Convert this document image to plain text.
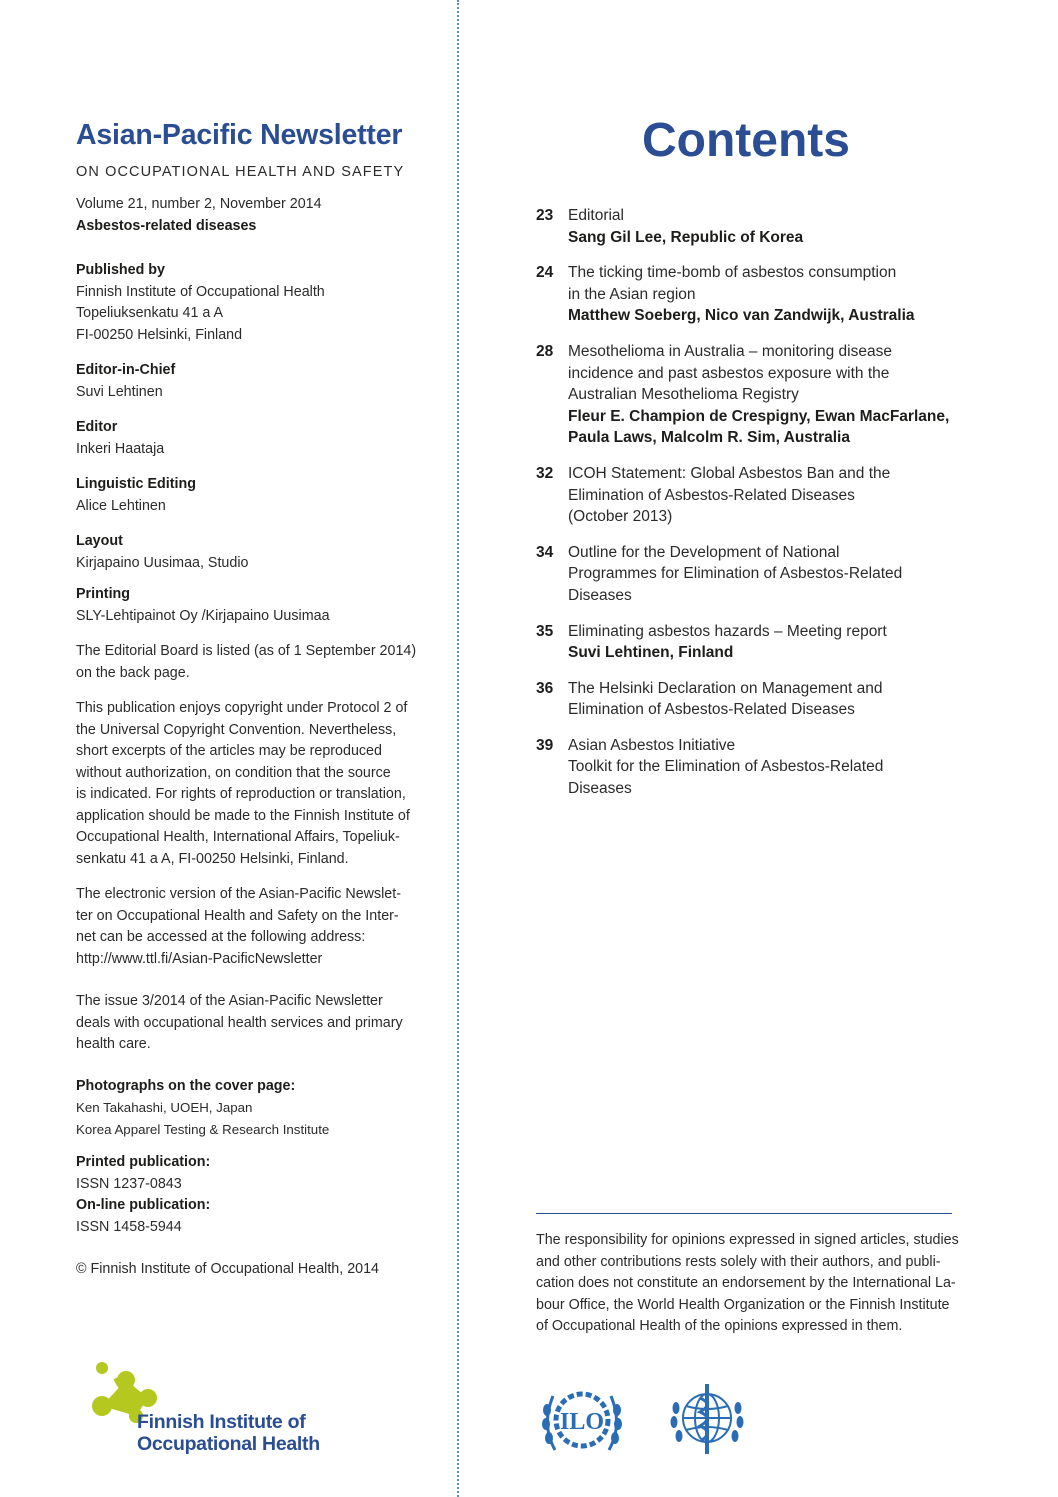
Asian-Pacific Newsletter
ON OCCUPATIONAL HEALTH AND SAFETY
Volume 21, number 2, November 2014
Asbestos-related diseases
Published by
Finnish Institute of Occupational Health
Topeliuksenkatu 41 a A
FI-00250 Helsinki, Finland
Editor-in-Chief
Suvi Lehtinen
Editor
Inkeri Haataja
Linguistic Editing
Alice Lehtinen
Layout
Kirjapaino Uusimaa, Studio
Printing
SLY-Lehtipainot Oy /Kirjapaino Uusimaa
The Editorial Board is listed (as of 1 September 2014)
on the back page.
This publication enjoys copyright under Protocol 2 of
the Universal Copyright Convention. Nevertheless,
short excerpts of the articles may be reproduced
without authorization, on condition that the source
is indicated. For rights of reproduction or translation,
application should be made to the Finnish Institute of
Occupational Health, International Affairs, Topeliuk-
senkatu 41 a A, FI-00250 Helsinki, Finland.
The electronic version of the Asian-Pacific Newslet-
ter on Occupational Health and Safety on the Inter-
net can be accessed at the following address:
http://www.ttl.fi/Asian-PacificNewsletter
The issue 3/2014 of the Asian-Pacific Newsletter
deals with occupational health services and primary
health care.
Photographs on the cover page:
Ken Takahashi, UOEH, Japan
Korea Apparel Testing & Research Institute
Printed publication:
ISSN 1237-0843
On-line publication:
ISSN 1458-5944
© Finnish Institute of Occupational Health, 2014
Contents
23 Editorial
Sang Gil Lee, Republic of Korea
24 The ticking time-bomb of asbestos consumption
in the Asian region
Matthew Soeberg, Nico van Zandwijk, Australia
28 Mesothelioma in Australia – monitoring disease
incidence and past asbestos exposure with the
Australian Mesothelioma Registry
Fleur E. Champion de Crespigny, Ewan MacFarlane,
Paula Laws, Malcolm R. Sim, Australia
32 ICOH Statement: Global Asbestos Ban and the
Elimination of Asbestos-Related Diseases
(October 2013)
34 Outline for the Development of National
Programmes for Elimination of Asbestos-Related
Diseases
35 Eliminating asbestos hazards – Meeting report
Suvi Lehtinen, Finland
36 The Helsinki Declaration on Management and
Elimination of Asbestos-Related Diseases
39 Asian Asbestos Initiative
Toolkit for the Elimination of Asbestos-Related
Diseases
The responsibility for opinions expressed in signed articles, studies
and other contributions rests solely with their authors, and publi-
cation does not constitute an endorsement by the International La-
bour Office, the World Health Organization or the Finnish Institute
of Occupational Health of the opinions expressed in them.
Finnish Institute of
Occupational Health
ILO
